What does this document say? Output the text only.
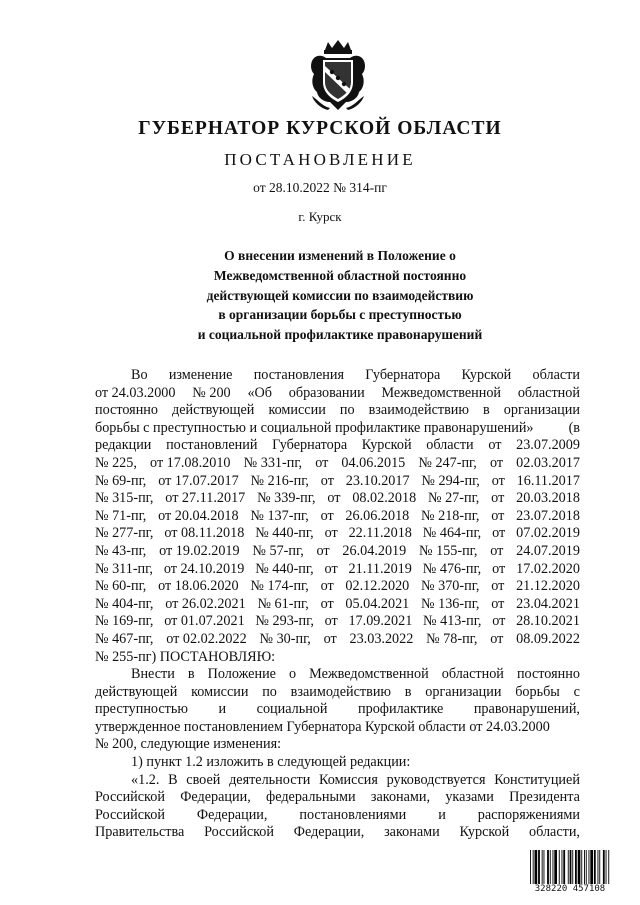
ГУБЕРНАТОР КУРСКОЙ ОБЛАСТИ
ПОСТАНОВЛЕНИЕ
от 28.10.2022 № 314-пг
г. Курск
О внесении изменений в Положение о
Межведомственной областной постоянно
действующей комиссии по взаимодействию
в организации борьбы с преступностью
и социальной профилактике правонарушений
Во изменение постановления Губернатора Курской области
от 24.03.2000 № 200 «Об образовании Межведомственной областной
постоянно действующей комиссии по взаимодействию в организации
борьбы с преступностью и социальной профилактике правонарушений» (в
редакции постановлений Губернатора Курской области от 23.07.2009
№ 225, от 17.08.2010 № 331-пг, от 04.06.2015 № 247-пг, от 02.03.2017
№ 69-пг, от 17.07.2017 № 216-пг, от 23.10.2017 № 294-пг, от 16.11.2017
№ 315-пг, от 27.11.2017 № 339-пг, от 08.02.2018 № 27-пг, от 20.03.2018
№ 71-пг, от 20.04.2018 № 137-пг, от 26.06.2018 № 218-пг, от 23.07.2018
№ 277-пг, от 08.11.2018 № 440-пг, от 22.11.2018 № 464-пг, от 07.02.2019
№ 43-пг, от 19.02.2019 № 57-пг, от 26.04.2019 № 155-пг, от 24.07.2019
№ 311-пг, от 24.10.2019 № 440-пг, от 21.11.2019 № 476-пг, от 17.02.2020
№ 60-пг, от 18.06.2020 № 174-пг, от 02.12.2020 № 370-пг, от 21.12.2020
№ 404-пг, от 26.02.2021 № 61-пг, от 05.04.2021 № 136-пг, от 23.04.2021
№ 169-пг, от 01.07.2021 № 293-пг, от 17.09.2021 № 413-пг, от 28.10.2021
№ 467-пг, от 02.02.2022 № 30-пг, от 23.03.2022 № 78-пг, от 08.09.2022
№ 255-пг) ПОСТАНОВЛЯЮ:
Внести в Положение о Межведомственной областной постоянно
действующей комиссии по взаимодействию в организации борьбы с
преступностью и социальной профилактике правонарушений,
утвержденное постановлением Губернатора Курской области от 24.03.2000
№ 200, следующие изменения:
1) пункт 1.2 изложить в следующей редакции:
«1.2. В своей деятельности Комиссия руководствуется Конституцией
Российской Федерации, федеральными законами, указами Президента
Российской Федерации, постановлениями и распоряжениями
Правительства Российской Федерации, законами Курской области,
328220 457108
